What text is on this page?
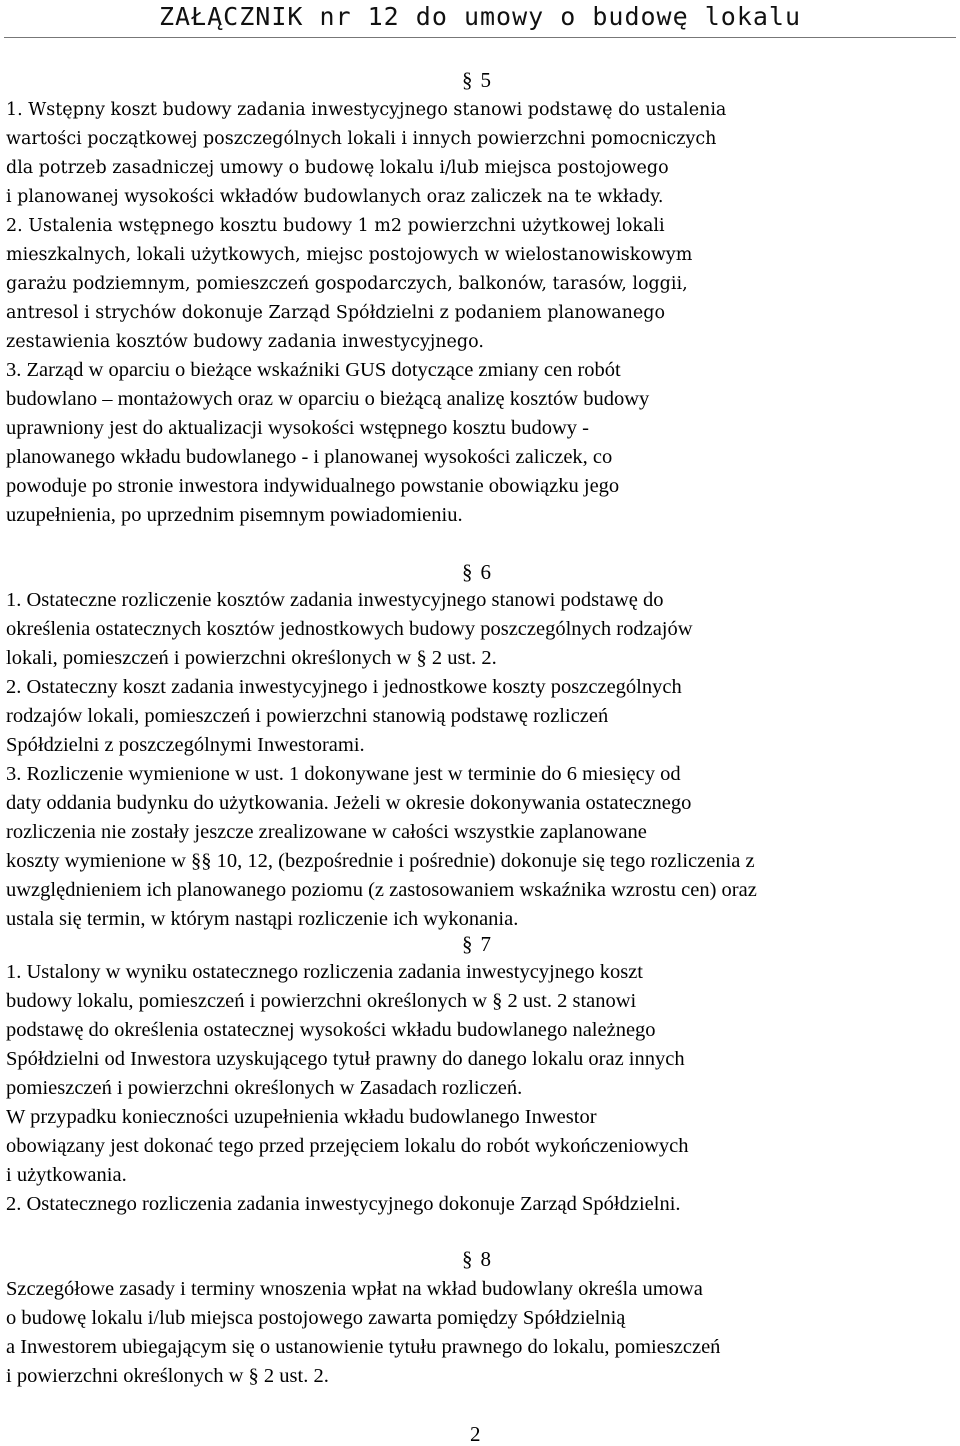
ZAŁĄCZNIK nr 12 do umowy o budowę lokalu
§ 5
1. Wstępny koszt budowy zadania inwestycyjnego stanowi podstawę do ustalenia
wartości początkowej poszczególnych lokali i innych powierzchni pomocniczych
dla potrzeb zasadniczej umowy o budowę lokalu i/lub miejsca postojowego
i planowanej wysokości wkładów budowlanych oraz zaliczek na te wkłady.
2. Ustalenia wstępnego kosztu budowy 1 m2 powierzchni użytkowej lokali
mieszkalnych, lokali użytkowych, miejsc postojowych w wielostanowiskowym
garażu podziemnym, pomieszczeń gospodarczych, balkonów, tarasów, loggii,
antresol i strychów dokonuje Zarząd Spółdzielni z podaniem planowanego
zestawienia kosztów budowy zadania inwestycyjnego.
3. Zarząd w oparciu o bieżące wskaźniki GUS dotyczące zmiany cen robót
budowlano – montażowych oraz w oparciu o bieżącą analizę kosztów budowy
uprawniony jest do aktualizacji wysokości wstępnego kosztu budowy -
planowanego wkładu budowlanego - i planowanej wysokości zaliczek, co
powoduje po stronie inwestora indywidualnego powstanie obowiązku jego
uzupełnienia, po uprzednim pisemnym powiadomieniu.
§ 6
1. Ostateczne rozliczenie kosztów zadania inwestycyjnego stanowi podstawę do
określenia ostatecznych kosztów jednostkowych budowy poszczególnych rodzajów
lokali, pomieszczeń i powierzchni określonych w § 2 ust. 2.
2. Ostateczny koszt zadania inwestycyjnego i jednostkowe koszty poszczególnych
rodzajów lokali, pomieszczeń i powierzchni stanowią podstawę rozliczeń
Spółdzielni z poszczególnymi Inwestorami.
3. Rozliczenie wymienione w ust. 1 dokonywane jest w terminie do 6 miesięcy od
daty oddania budynku do użytkowania. Jeżeli w okresie dokonywania ostatecznego
rozliczenia nie zostały jeszcze zrealizowane w całości wszystkie zaplanowane
koszty wymienione w §§ 10, 12, (bezpośrednie i pośrednie) dokonuje się tego rozliczenia z
uwzględnieniem ich planowanego poziomu (z zastosowaniem wskaźnika wzrostu cen) oraz
ustala się termin, w którym nastąpi rozliczenie ich wykonania.
§ 7
1. Ustalony w wyniku ostatecznego rozliczenia zadania inwestycyjnego koszt
budowy lokalu, pomieszczeń i powierzchni określonych w § 2 ust. 2 stanowi
podstawę do określenia ostatecznej wysokości wkładu budowlanego należnego
Spółdzielni od Inwestora uzyskującego tytuł prawny do danego lokalu oraz innych
pomieszczeń i powierzchni określonych w Zasadach rozliczeń.
W przypadku konieczności uzupełnienia wkładu budowlanego Inwestor
obowiązany jest dokonać tego przed przejęciem lokalu do robót wykończeniowych
i użytkowania.
2. Ostatecznego rozliczenia zadania inwestycyjnego dokonuje Zarząd Spółdzielni.
§ 8
Szczegółowe zasady i terminy wnoszenia wpłat na wkład budowlany określa umowa
o budowę lokalu i/lub miejsca postojowego zawarta pomiędzy Spółdzielnią
a Inwestorem ubiegającym się o ustanowienie tytułu prawnego do lokalu, pomieszczeń
i powierzchni określonych w § 2 ust. 2.
2
